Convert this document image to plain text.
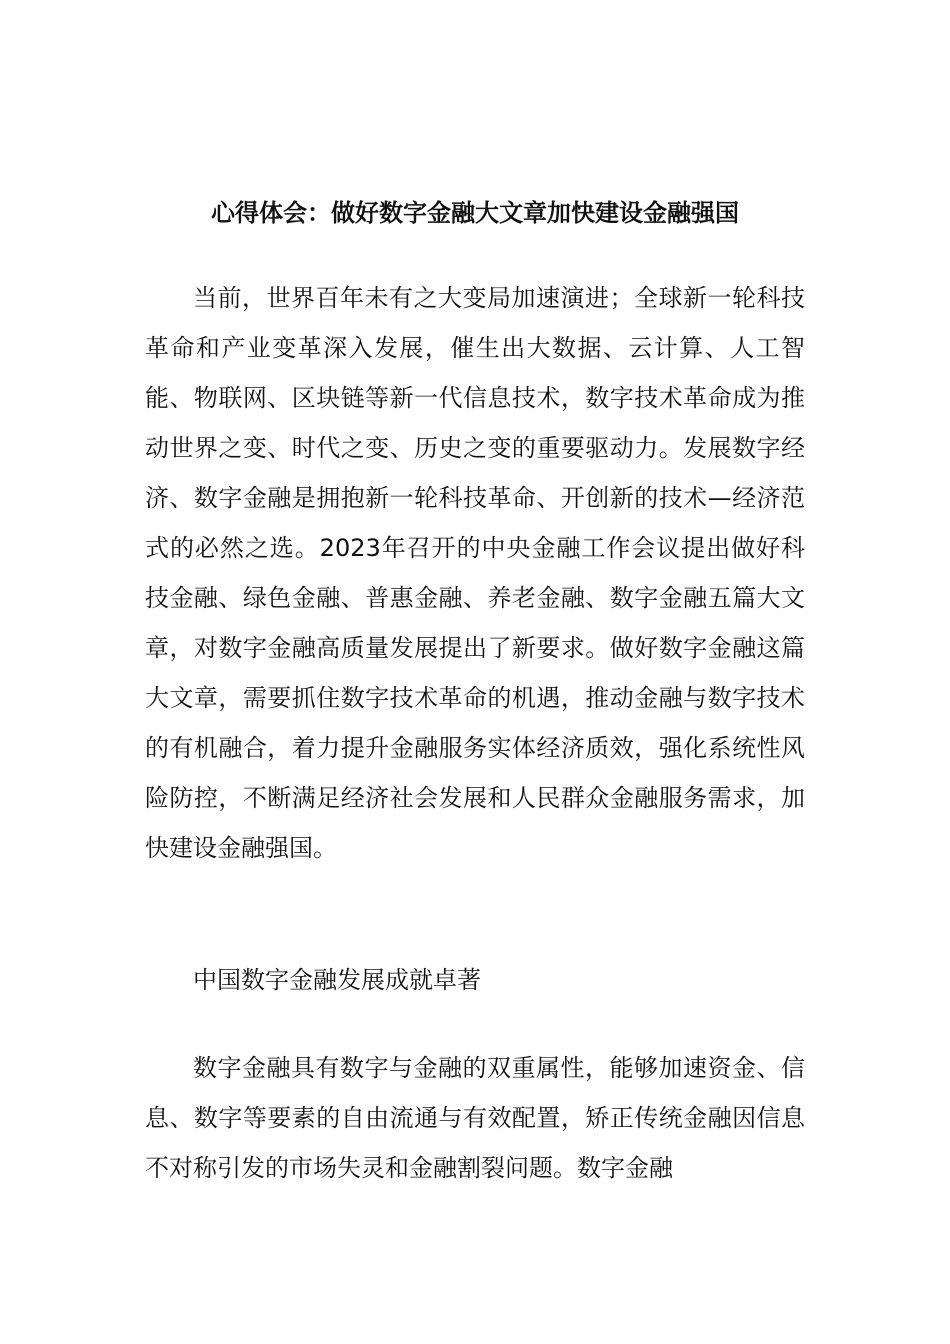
心得体会：做好数字金融大文章加快建设金融强国

当前，世界百年未有之大变局加速演进；全球新一轮科技革命和产业变革深入发展，催生出大数据、云计算、人工智能、物联网、区块链等新一代信息技术，数字技术革命成为推动世界之变、时代之变、历史之变的重要驱动力。发展数字经济、数字金融是拥抱新一轮科技革命、开创新的技术—经济范式的必然之选。2023年召开的中央金融工作会议提出做好科技金融、绿色金融、普惠金融、养老金融、数字金融五篇大文章，对数字金融高质量发展提出了新要求。做好数字金融这篇大文章，需要抓住数字技术革命的机遇，推动金融与数字技术的有机融合，着力提升金融服务实体经济质效，强化系统性风险防控，不断满足经济社会发展和人民群众金融服务需求，加快建设金融强国。

中国数字金融发展成就卓著

数字金融具有数字与金融的双重属性，能够加速资金、信息、数字等要素的自由流通与有效配置，矫正传统金融因信息不对称引发的市场失灵和金融割裂问题。数字金融
